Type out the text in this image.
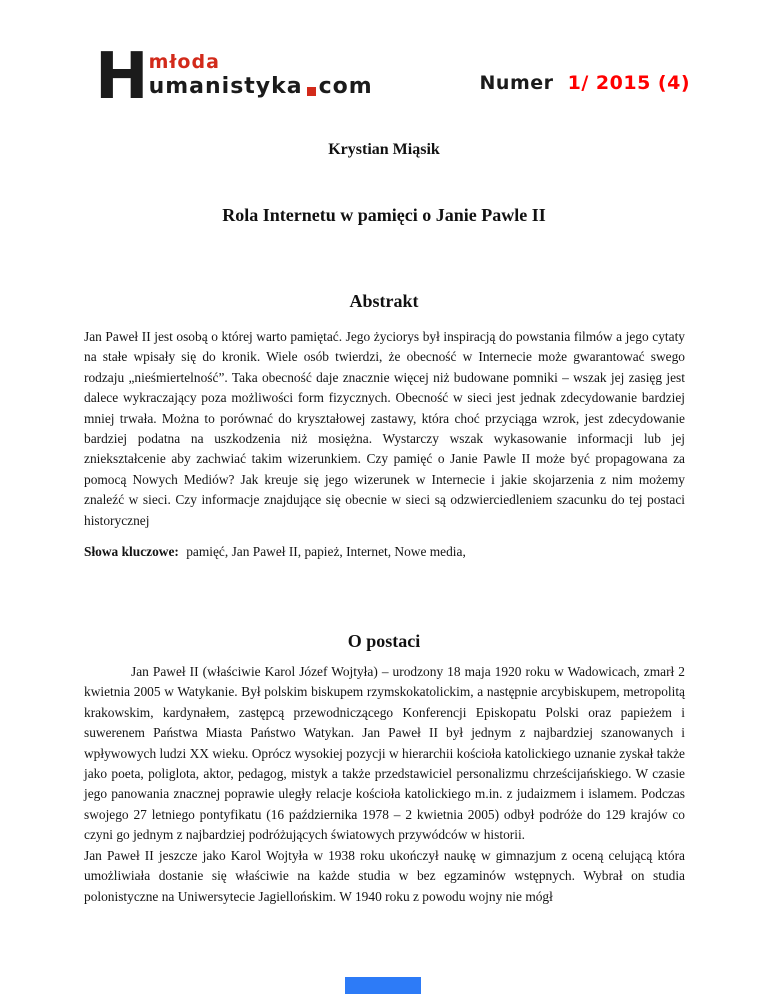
H młoda
umanistyka com	Numer 1/ 2015 (4)
Krystian Miąsik
Rola Internetu w pamięci o Janie Pawle II
Abstrakt
Jan Paweł II jest osobą o której warto pamiętać. Jego życiorys był inspiracją do powstania filmów a jego cytaty na stałe wpisały się do kronik. Wiele osób twierdzi, że obecność w Internecie może gwarantować swego rodzaju „nieśmiertelność”. Taka obecność daje znacznie więcej niż budowane pomniki – wszak jej zasięg jest dalece wykraczający poza możliwości form fizycznych. Obecność w sieci jest jednak zdecydowanie bardziej mniej trwała. Można to porównać do kryształowej zastawy, która choć przyciąga wzrok, jest zdecydowanie bardziej podatna na uszkodzenia niż mosiężna. Wystarczy wszak wykasowanie informacji lub jej zniekształcenie aby zachwiać takim wizerunkiem. Czy pamięć o Janie Pawle II może być propagowana za pomocą Nowych Mediów? Jak kreuje się jego wizerunek w Internecie i jakie skojarzenia z nim możemy znaleźć w sieci. Czy informacje znajdujące się obecnie w sieci są odzwierciedleniem szacunku do tej postaci historycznej
Słowa kluczowe: pamięć, Jan Paweł II, papież, Internet, Nowe media,
O postaci
Jan Paweł II (właściwie Karol Józef Wojtyła) – urodzony 18 maja 1920 roku w Wadowicach, zmarł 2 kwietnia 2005 w Watykanie. Był polskim biskupem rzymskokatolickim, a następnie arcybiskupem, metropolitą krakowskim, kardynałem, zastępcą przewodniczącego Konferencji Episkopatu Polski oraz papieżem i suwerenem Państwa Miasta Państwo Watykan. Jan Paweł II był jednym z najbardziej szanowanych i wpływowych ludzi XX wieku. Oprócz wysokiej pozycji w hierarchii kościoła katolickiego uznanie zyskał także jako poeta, poliglota, aktor, pedagog, mistyk a także przedstawiciel personalizmu chrześcijańskiego. W czasie jego panowania znacznej poprawie uległy relacje kościoła katolickiego m.in. z judaizmem i islamem. Podczas swojego 27 letniego pontyfikatu (16 października 1978 – 2 kwietnia 2005) odbył podróże do 129 krajów co czyni go jednym z najbardziej podróżujących światowych przywódców w historii.
Jan Paweł II jeszcze jako Karol Wojtyła w 1938 roku ukończył naukę w gimnazjum z oceną celującą która umożliwiała dostanie się właściwie na każde studia w bez egzaminów wstępnych. Wybrał on studia polonistyczne na Uniwersytecie Jagiellońskim. W 1940 roku z powodu wojny nie mógł
